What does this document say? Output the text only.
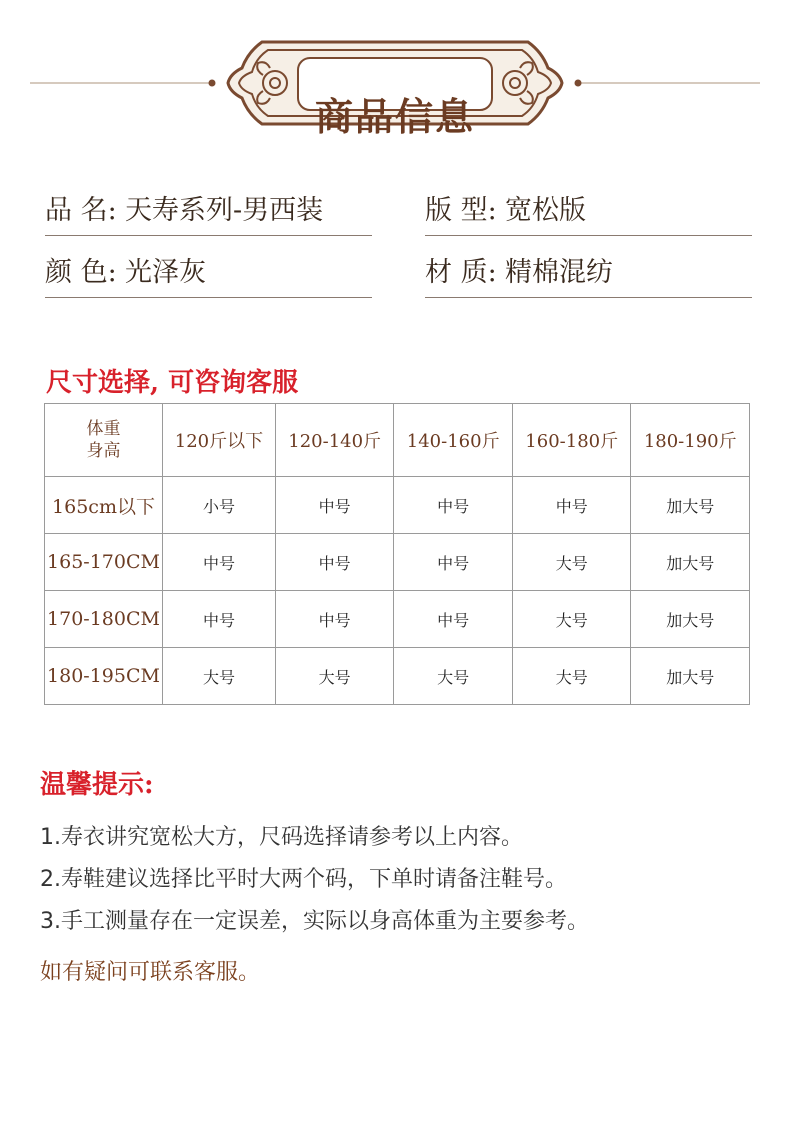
商品信息
品 名: 天寿系列-男西装	版 型: 宽松版
颜 色: 光泽灰	材 质: 精棉混纺
尺寸选择, 可咨询客服
体重
身高	120斤以下	120-140斤	140-160斤	160-180斤	180-190斤
165cm以下	小号	中号	中号	中号	加大号
165-170CM	中号	中号	中号	大号	加大号
170-180CM	中号	中号	中号	大号	加大号
180-195CM	大号	大号	大号	大号	加大号
温馨提示:
1.寿衣讲究宽松大方，尺码选择请参考以上内容。
2.寿鞋建议选择比平时大两个码，下单时请备注鞋号。
3.手工测量存在一定误差，实际以身高体重为主要参考。
如有疑问可联系客服。
